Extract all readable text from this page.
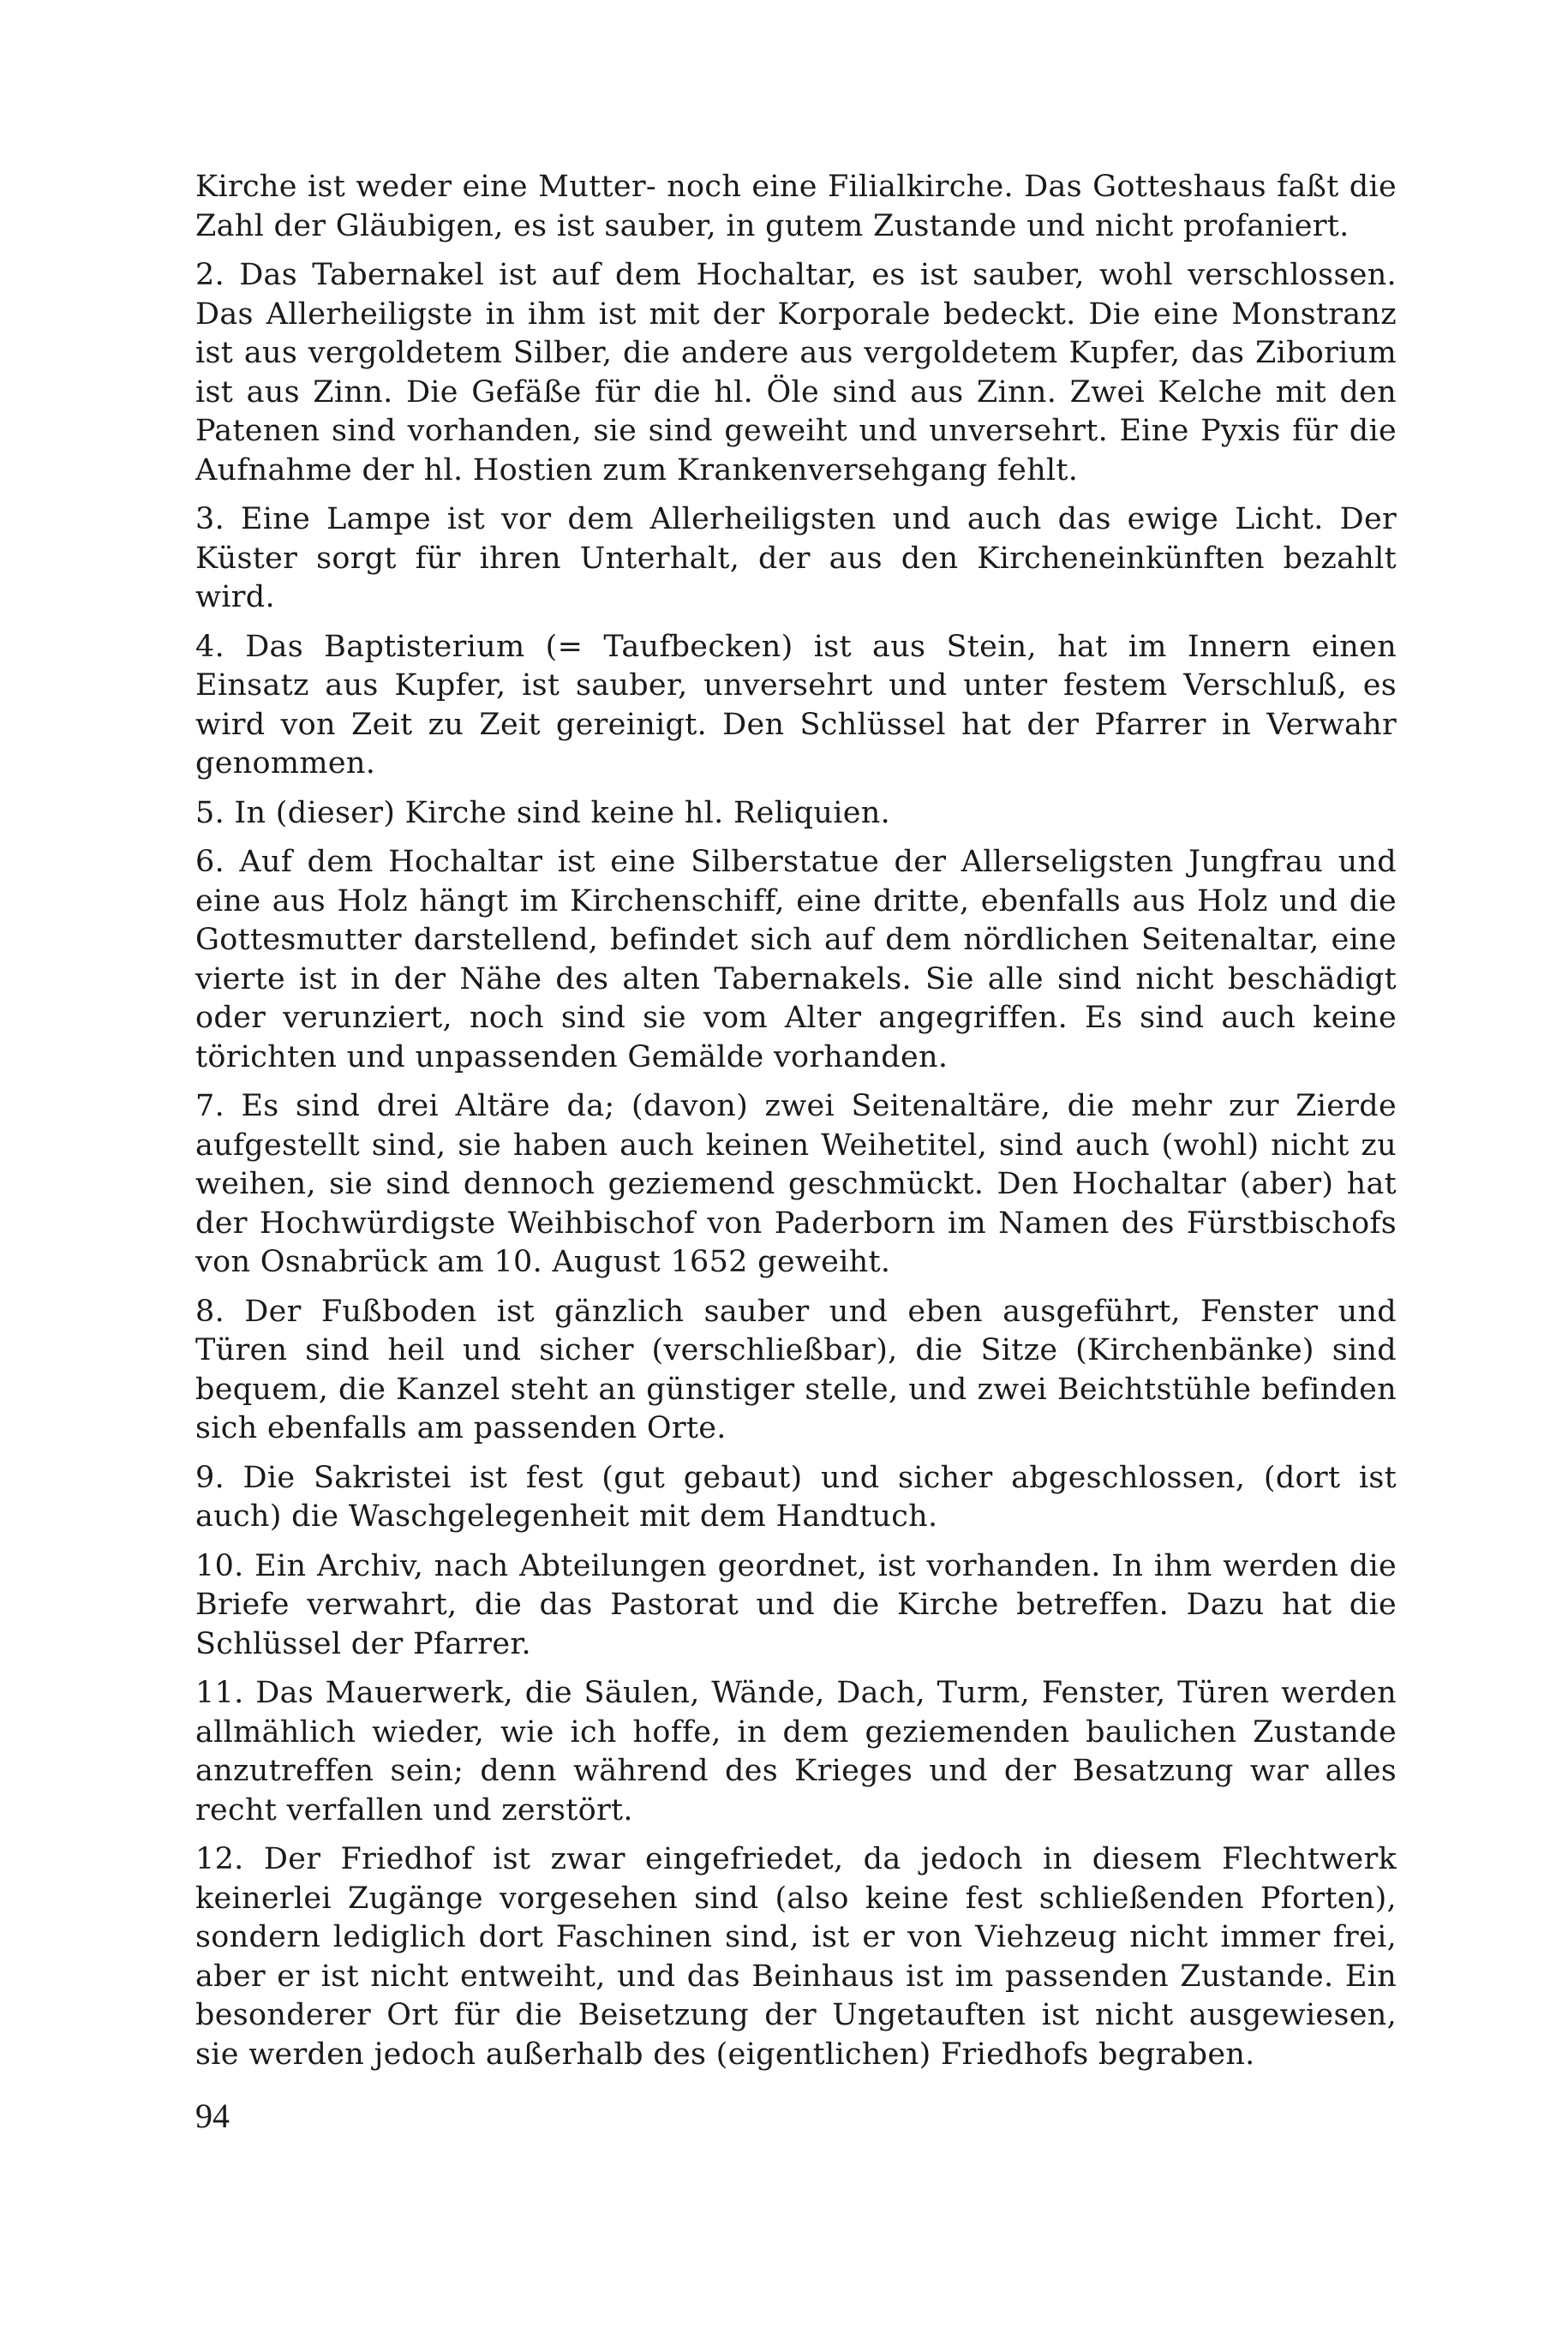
Kirche ist weder eine Mutter- noch eine Filialkirche. Das Gotteshaus faßt die Zahl der Gläubigen, es ist sauber, in gutem Zustande und nicht profaniert.

2. Das Tabernakel ist auf dem Hochaltar, es ist sauber, wohl verschlossen. Das Allerheiligste in ihm ist mit der Korporale bedeckt. Die eine Monstranz ist aus vergoldetem Silber, die andere aus vergoldetem Kupfer, das Ziborium ist aus Zinn. Die Gefäße für die hl. Öle sind aus Zinn. Zwei Kelche mit den Patenen sind vorhanden, sie sind geweiht und unversehrt. Eine Pyxis für die Aufnahme der hl. Hostien zum Krankenversehgang fehlt.

3. Eine Lampe ist vor dem Allerheiligsten und auch das ewige Licht. Der Küster sorgt für ihren Unterhalt, der aus den Kircheneinkünften bezahlt wird.

4. Das Baptisterium (= Taufbecken) ist aus Stein, hat im Innern einen Einsatz aus Kupfer, ist sauber, unversehrt und unter festem Verschluß, es wird von Zeit zu Zeit gereinigt. Den Schlüssel hat der Pfarrer in Verwahr genommen.

5. In (dieser) Kirche sind keine hl. Reliquien.

6. Auf dem Hochaltar ist eine Silberstatue der Allerseligsten Jungfrau und eine aus Holz hängt im Kirchenschiff, eine dritte, ebenfalls aus Holz und die Gottesmutter darstellend, befindet sich auf dem nördlichen Seitenaltar, eine vierte ist in der Nähe des alten Tabernakels. Sie alle sind nicht beschädigt oder verunziert, noch sind sie vom Alter angegriffen. Es sind auch keine törichten und unpassenden Gemälde vorhanden.

7. Es sind drei Altäre da; (davon) zwei Seitenaltäre, die mehr zur Zierde aufgestellt sind, sie haben auch keinen Weihetitel, sind auch (wohl) nicht zu weihen, sie sind dennoch geziemend geschmückt. Den Hochaltar (aber) hat der Hochwürdigste Weihbischof von Paderborn im Namen des Fürstbischofs von Osnabrück am 10. August 1652 geweiht.

8. Der Fußboden ist gänzlich sauber und eben ausgeführt, Fenster und Türen sind heil und sicher (verschließbar), die Sitze (Kirchenbänke) sind bequem, die Kanzel steht an günstiger stelle, und zwei Beichtstühle befinden sich ebenfalls am passenden Orte.

9. Die Sakristei ist fest (gut gebaut) und sicher abgeschlossen, (dort ist auch) die Waschgelegenheit mit dem Handtuch.

10. Ein Archiv, nach Abteilungen geordnet, ist vorhanden. In ihm werden die Briefe verwahrt, die das Pastorat und die Kirche betreffen. Dazu hat die Schlüssel der Pfarrer.

11. Das Mauerwerk, die Säulen, Wände, Dach, Turm, Fenster, Türen werden allmählich wieder, wie ich hoffe, in dem geziemenden baulichen Zustande anzutreffen sein; denn während des Krieges und der Besatzung war alles recht verfallen und zerstört.

12. Der Friedhof ist zwar eingefriedet, da jedoch in diesem Flechtwerk keinerlei Zugänge vorgesehen sind (also keine fest schließenden Pforten), sondern lediglich dort Faschinen sind, ist er von Viehzeug nicht immer frei, aber er ist nicht entweiht, und das Beinhaus ist im passenden Zustande. Ein besonderer Ort für die Beisetzung der Ungetauften ist nicht ausgewiesen, sie werden jedoch außerhalb des (eigentlichen) Friedhofs begraben.

94
